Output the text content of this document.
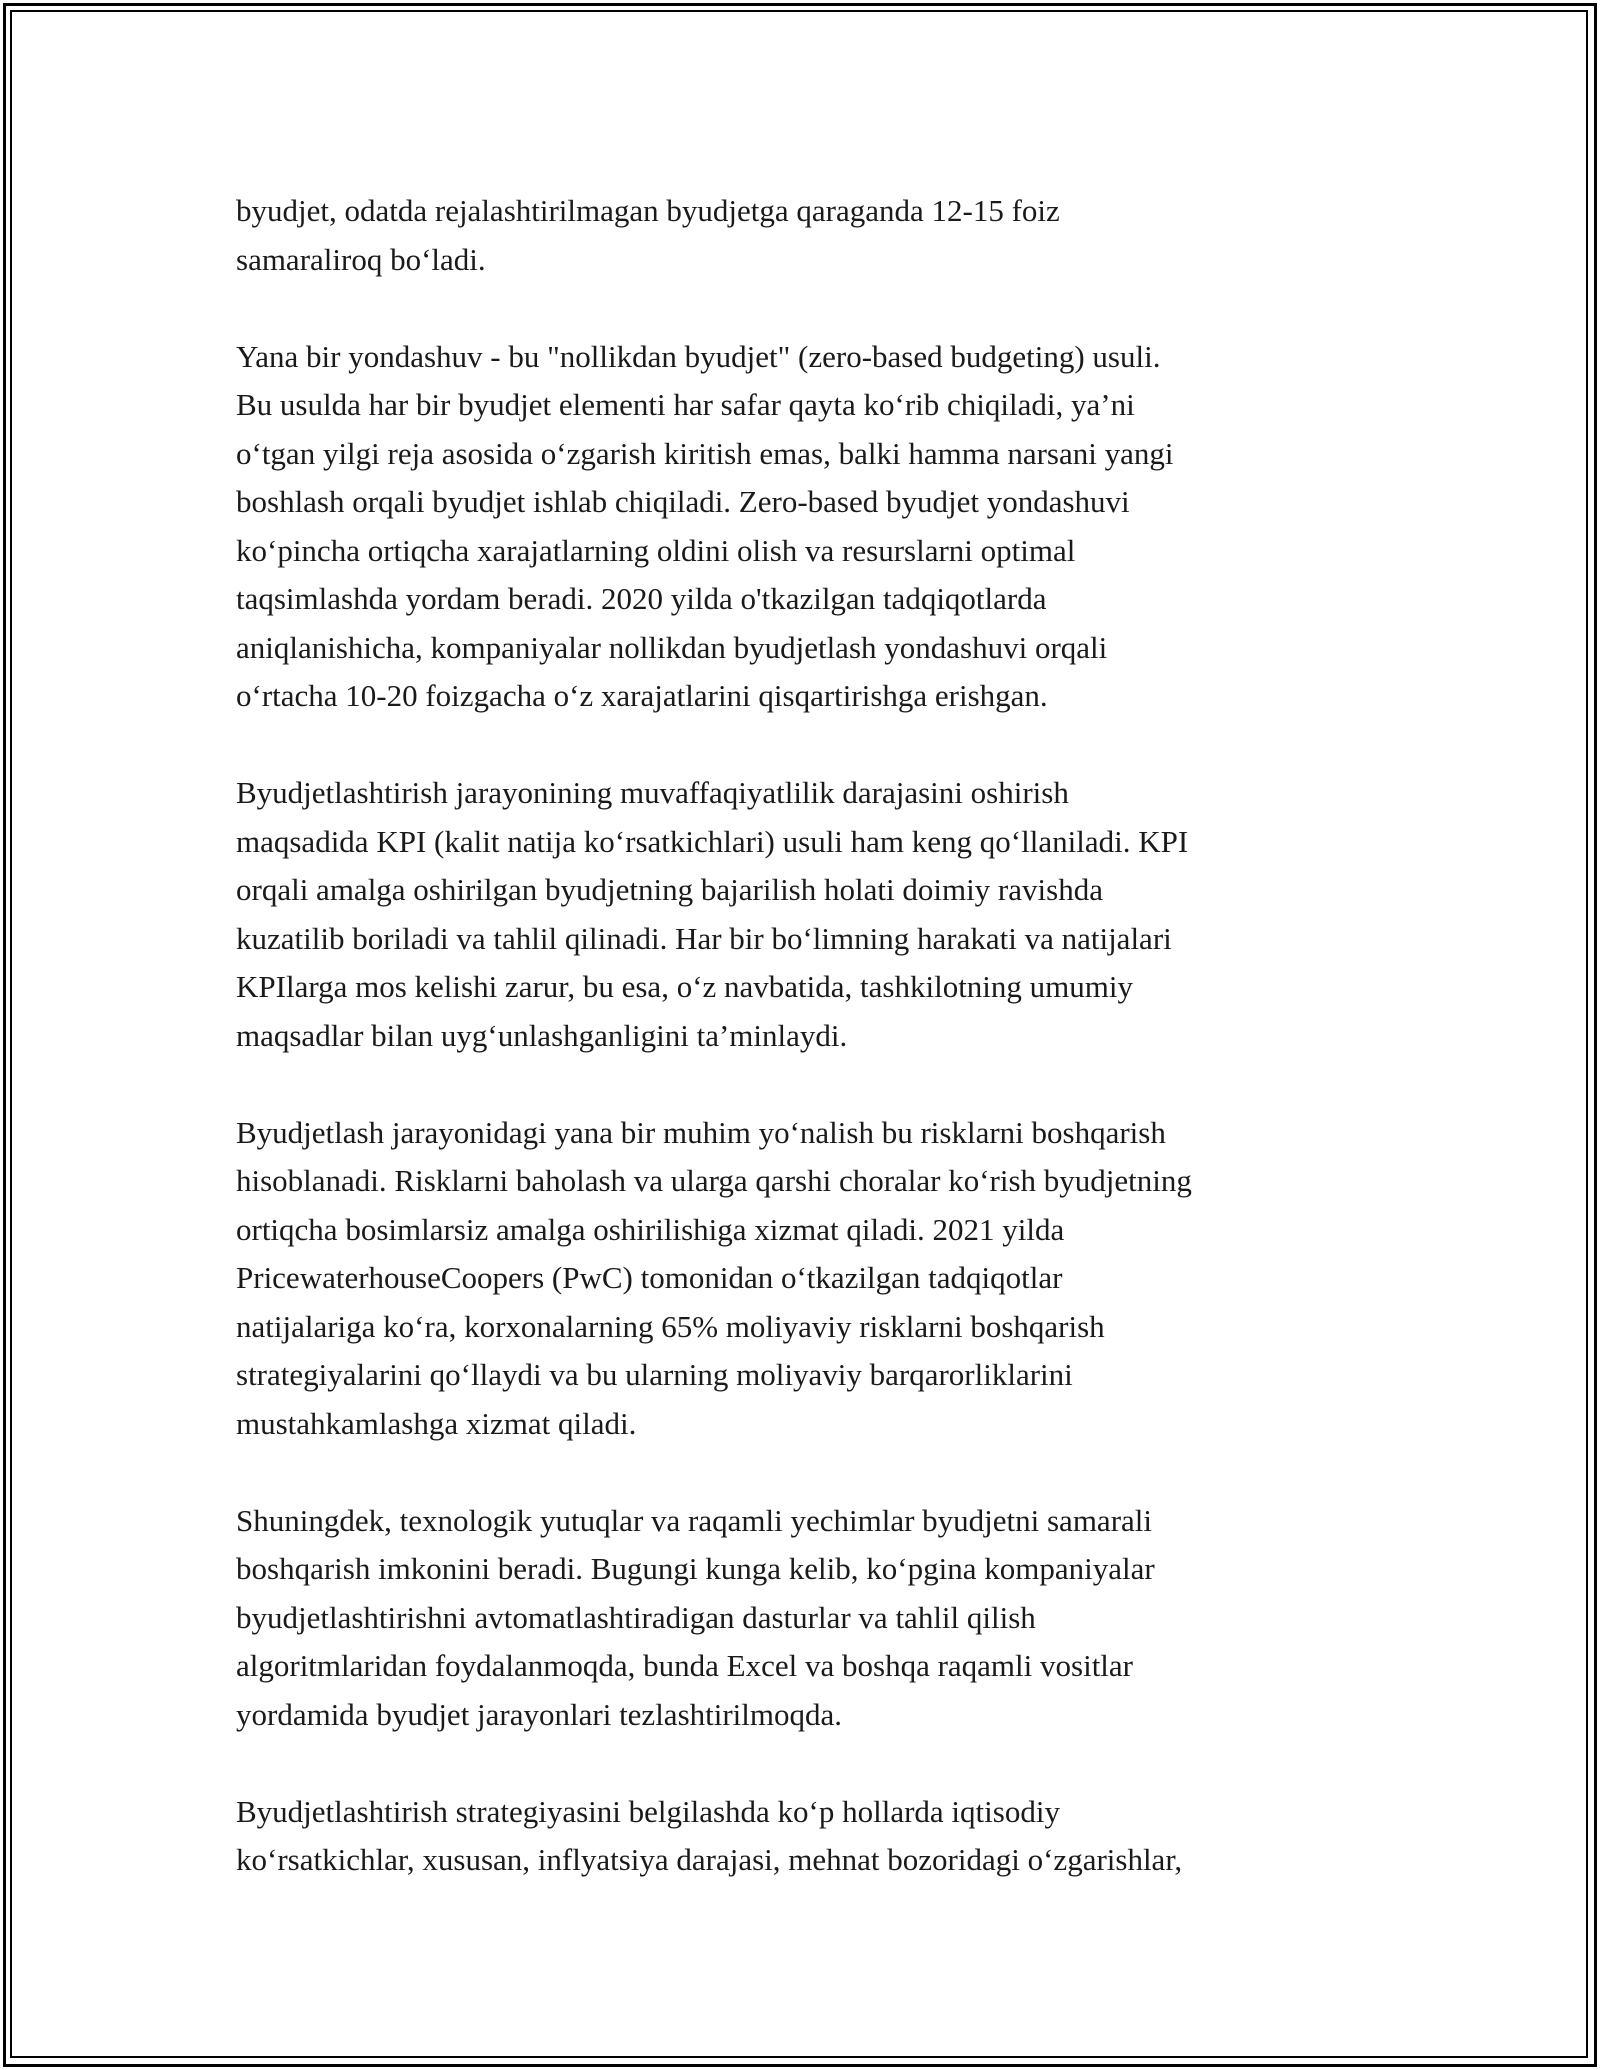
byudjet, odatda rejalashtirilmagan byudjetga qaraganda 12-15 foiz
samaraliroq bo‘ladi.

Yana bir yondashuv - bu "nollikdan byudjet" (zero-based budgeting) usuli.
Bu usulda har bir byudjet elementi har safar qayta ko‘rib chiqiladi, ya’ni
o‘tgan yilgi reja asosida o‘zgarish kiritish emas, balki hamma narsani yangi
boshlash orqali byudjet ishlab chiqiladi. Zero-based byudjet yondashuvi
ko‘pincha ortiqcha xarajatlarning oldini olish va resurslarni optimal
taqsimlashda yordam beradi. 2020 yilda o'tkazilgan tadqiqotlarda
aniqlanishicha, kompaniyalar nollikdan byudjetlash yondashuvi orqali
o‘rtacha 10-20 foizgacha o‘z xarajatlarini qisqartirishga erishgan.

Byudjetlashtirish jarayonining muvaffaqiyatlilik darajasini oshirish
maqsadida KPI (kalit natija ko‘rsatkichlari) usuli ham keng qo‘llaniladi. KPI
orqali amalga oshirilgan byudjetning bajarilish holati doimiy ravishda
kuzatilib boriladi va tahlil qilinadi. Har bir bo‘limning harakati va natijalari
KPIlarga mos kelishi zarur, bu esa, o‘z navbatida, tashkilotning umumiy
maqsadlar bilan uyg‘unlashganligini ta’minlaydi.

Byudjetlash jarayonidagi yana bir muhim yo‘nalish bu risklarni boshqarish
hisoblanadi. Risklarni baholash va ularga qarshi choralar ko‘rish byudjetning
ortiqcha bosimlarsiz amalga oshirilishiga xizmat qiladi. 2021 yilda
PricewaterhouseCoopers (PwC) tomonidan o‘tkazilgan tadqiqotlar
natijalariga ko‘ra, korxonalarning 65% moliyaviy risklarni boshqarish
strategiyalarini qo‘llaydi va bu ularning moliyaviy barqarorliklarini
mustahkamlashga xizmat qiladi.

Shuningdek, texnologik yutuqlar va raqamli yechimlar byudjetni samarali
boshqarish imkonini beradi. Bugungi kunga kelib, ko‘pgina kompaniyalar
byudjetlashtirishni avtomatlashtiradigan dasturlar va tahlil qilish
algoritmlaridan foydalanmoqda, bunda Excel va boshqa raqamli vositlar
yordamida byudjet jarayonlari tezlashtirilmoqda.

Byudjetlashtirish strategiyasini belgilashda ko‘p hollarda iqtisodiy
ko‘rsatkichlar, xususan, inflyatsiya darajasi, mehnat bozoridagi o‘zgarishlar,
